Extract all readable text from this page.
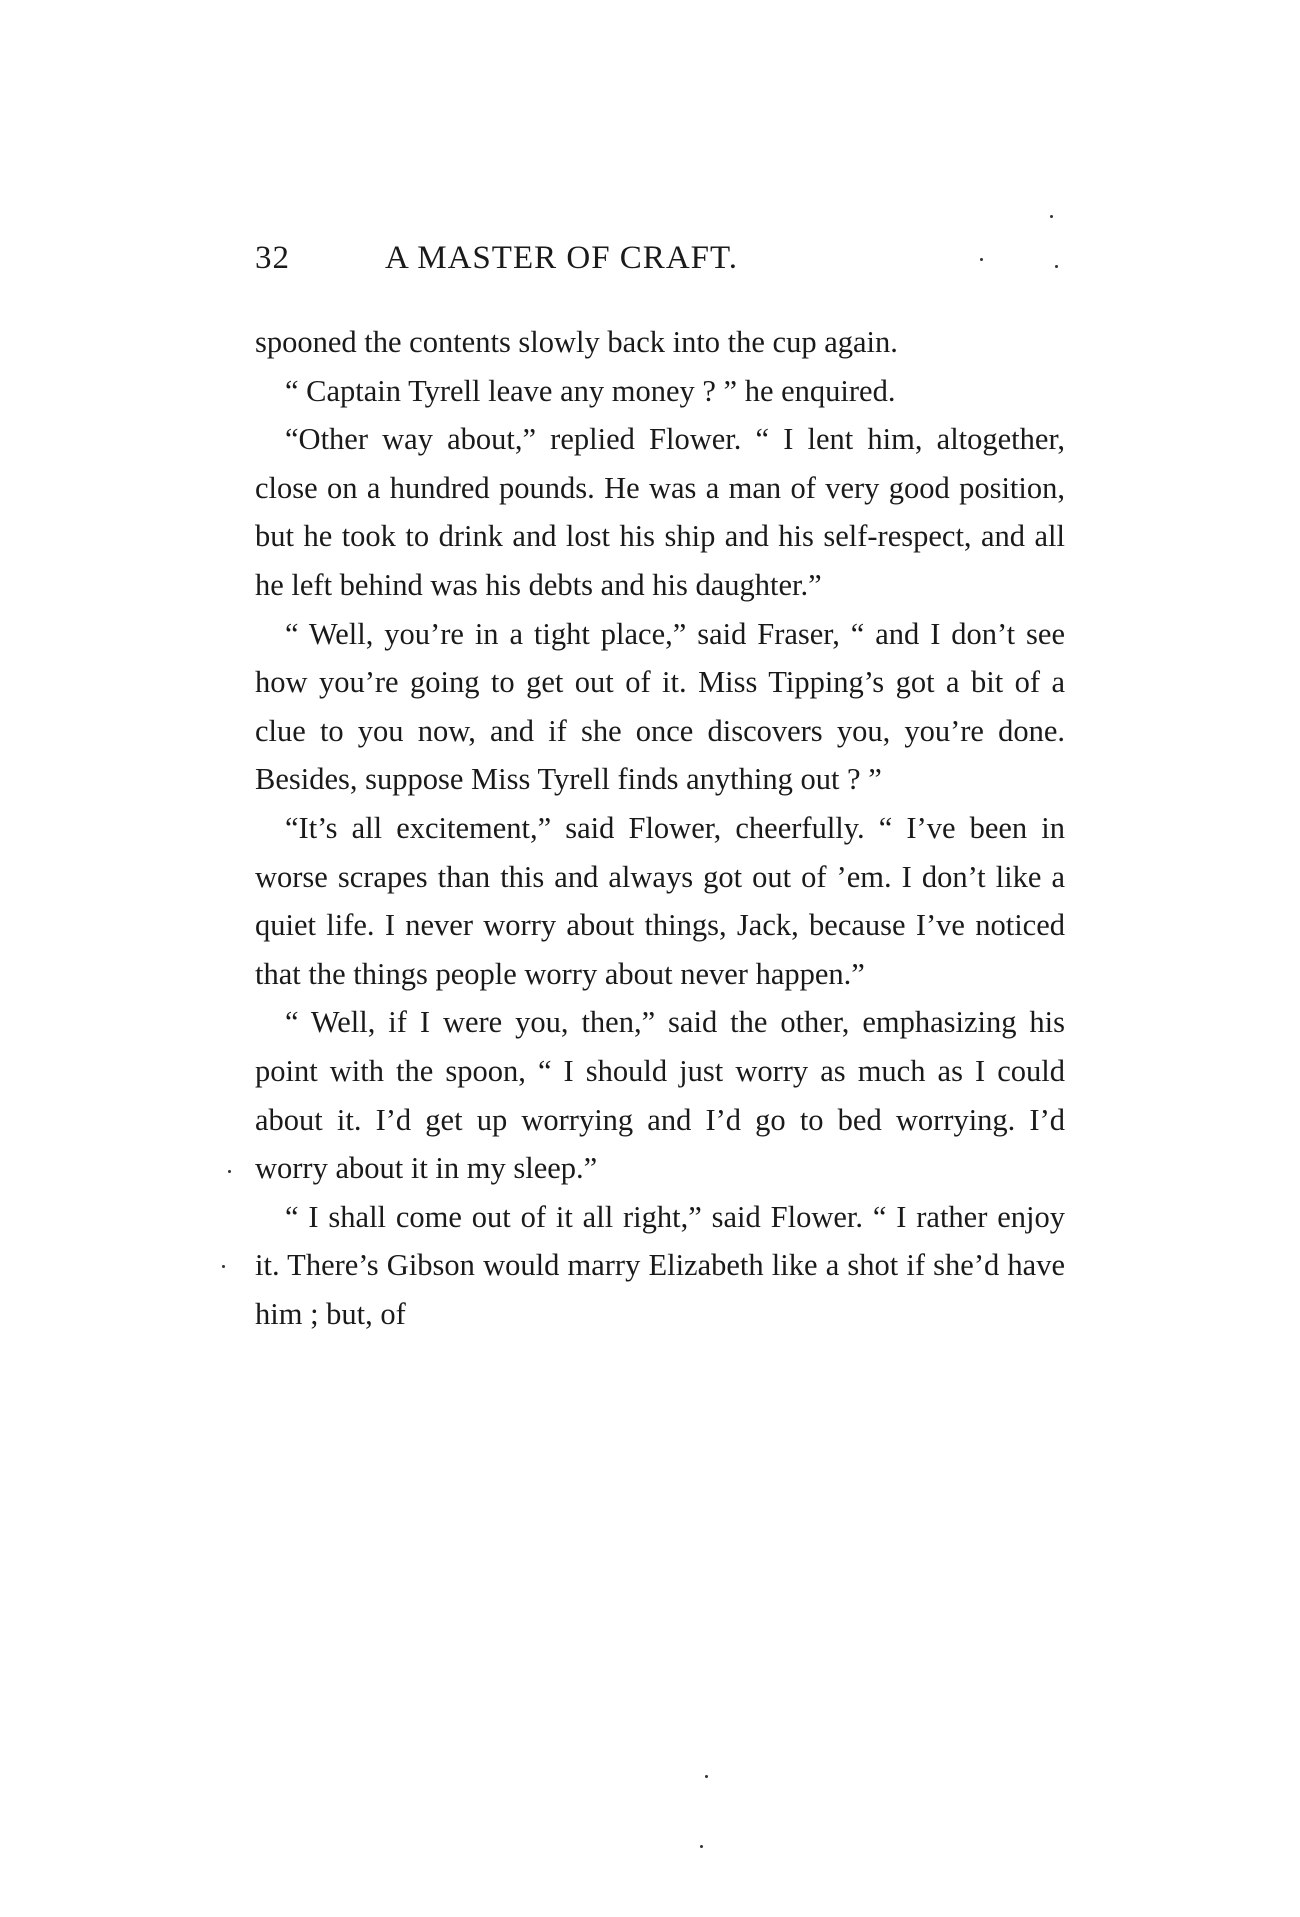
32	A MASTER OF CRAFT.

spooned the contents slowly back into the cup again.

“ Captain Tyrell leave any money ? ” he enquired.

“Other way about,” replied Flower. “ I lent him, altogether, close on a hundred pounds. He was a man of very good position, but he took to drink and lost his ship and his self-respect, and all he left behind was his debts and his daughter.”

“ Well, you’re in a tight place,” said Fraser, “ and I don’t see how you’re going to get out of it. Miss Tipping’s got a bit of a clue to you now, and if she once discovers you, you’re done. Besides, suppose Miss Tyrell finds anything out ? ”

“It’s all excitement,” said Flower, cheerfully. “ I’ve been in worse scrapes than this and always got out of ’em. I don’t like a quiet life. I never worry about things, Jack, because I’ve noticed that the things people worry about never happen.”

“ Well, if I were you, then,” said the other, emphasizing his point with the spoon, “ I should just worry as much as I could about it. I’d get up worrying and I’d go to bed worrying. I’d worry about it in my sleep.”

“ I shall come out of it all right,” said Flower. “ I rather enjoy it. There’s Gibson would marry Elizabeth like a shot if she’d have him ; but, of
